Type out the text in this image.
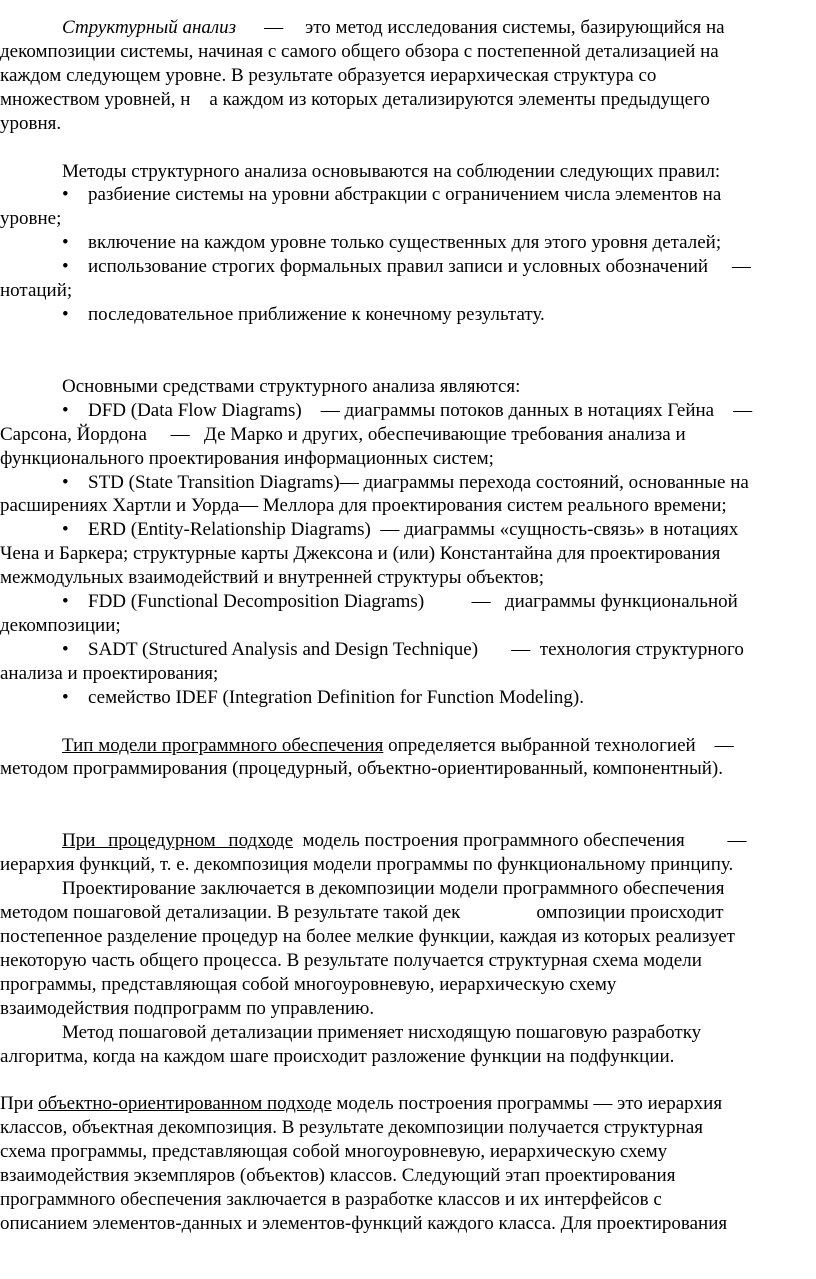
Структурный анализ — это метод исследования системы, базирующийся на

декомпозиции системы, начиная с самого общего обзора с постепенной детализацией на

каждом следующем уровне. В результате образуется иерархическая структура со

множеством уровней, н    а каждом из которых детализируются элементы предыдущего

уровня.

Методы структурного анализа основываются на соблюдении следующих правил:

• разбиение системы на уровни абстракции с ограничением числа элементов на

уровне;

• включение на каждом уровне только существенных для этого уровня деталей;

• использование строгих формальных правил записи и условных обозначений     —

нотаций;

• последовательное приближение к конечному результату.

Основными средствами структурного анализа являются:

• DFD (Data Flow Diagrams)    — диаграммы потоков данных в нотациях Гейна    —

Сарсона, Йордона     —   Де Марко и других, обеспечивающие требования анализа и

функционального проектирования информационных систем;

• STD (State Transition Diagrams)— диаграммы перехода состояний, основанные на

расширениях Хартли и Уорда— Меллора для проектирования систем реального времени;

• ERD (Entity-Relationship Diagrams)  — диаграммы «сущность-связь» в нотациях

Чена и Баркера; структурные карты Джексона и (или) Константайна для проектирования

межмодульных взаимодействий и внутренней структуры объектов;

• FDD (Functional Decomposition Diagrams)          —   диаграммы функциональной

декомпозиции;

• SADT (Structured Analysis and Design Technique)       —  технология структурного

анализа и проектирования;

• семейство IDEF (Integration Definition for Function Modeling).

Тип модели программного обеспечения определяется выбранной технологией    —

методом программирования (процедурный, объектно-ориентированный, компонентный).

При процедурном подходе  модель построения программного обеспечения         —

иерархия функций, т. е. декомпозиция модели программы по функциональному принципу.

Проектирование заключается в декомпозиции модели программного обеспечения

методом пошаговой детализации. В результате такой дек                омпозиции происходит

постепенное разделение процедур на более мелкие функции, каждая из которых реализует

некоторую часть общего процесса. В результате получается структурная схема модели

программы, представляющая собой многоуровневую, иерархическую схему

взаимодействия подпрограмм по управлению.

Метод пошаговой детализации применяет нисходящую пошаговую разработку

алгоритма, когда на каждом шаге происходит разложение функции на подфункции.

При объектно-ориентированном подходе модель построения программы — это иерархия

классов, объектная декомпозиция. В результате декомпозиции получается структурная

схема программы, представляющая собой многоуровневую, иерархическую схему

взаимодействия экземпляров (объектов) классов. Следующий этап проектирования

программного обеспечения заключается в разработке классов и их интерфейсов с

описанием элементов-данных и элементов-функций каждого класса. Для проектирования
